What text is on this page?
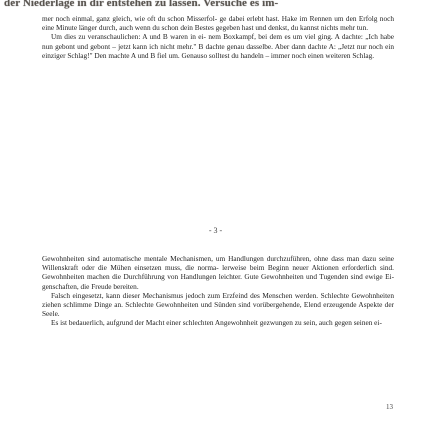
der Niederlage in dir entstehen zu lassen. Versuche es im-

mer noch einmal, ganz gleich, wie oft du schon Misserfol- ge dabei erlebt hast. Hake im Rennen um den Erfolg noch eine Minute länger durch, auch wenn du schon dein Bestes gegeben hast und denkst, du kannst nichts mehr tun.

Um dies zu veranschaulichen: A und B waren in ei- nem Boxkampf, bei dem es um viel ging. A dachte: „Ich habe nun gebont und gebont – jetzt kann ich nicht mehr." B dachte genau dasselbe. Aber dann dachte A: „Jetzt nur noch ein einziger Schlag!" Den machte A und B fiel um. Genauso solltest du handeln – immer noch einen weiteren Schlag.

- 3 -

Gewohnheiten sind automatische mentale Mechanismen, um Handlungen durchzuführen, ohne dass man dazu seine Willenskraft oder die Mühen einsetzen muss, die norma- lerweise beim Beginn neuer Aktionen erforderlich sind. Gewohnheiten machen die Durchführung von Handlungen leichter. Gute Gewohnheiten und Tugenden sind ewige Ei- genschaften, die Freude bereiten.

Falsch eingesetzt, kann dieser Mechanismus jedoch zum Erzfeind des Menschen werden. Schlechte Gewohnheiten ziehen schlimme Dinge an. Schlechte Gewohnheiten und Sünden sind vorübergehende, Elend erzeugende Aspekte der Seele.

Es ist bedauerlich, aufgrund der Macht einer schlechten Angewohnheit gezwungen zu sein, auch gegen seinen ei-

13
